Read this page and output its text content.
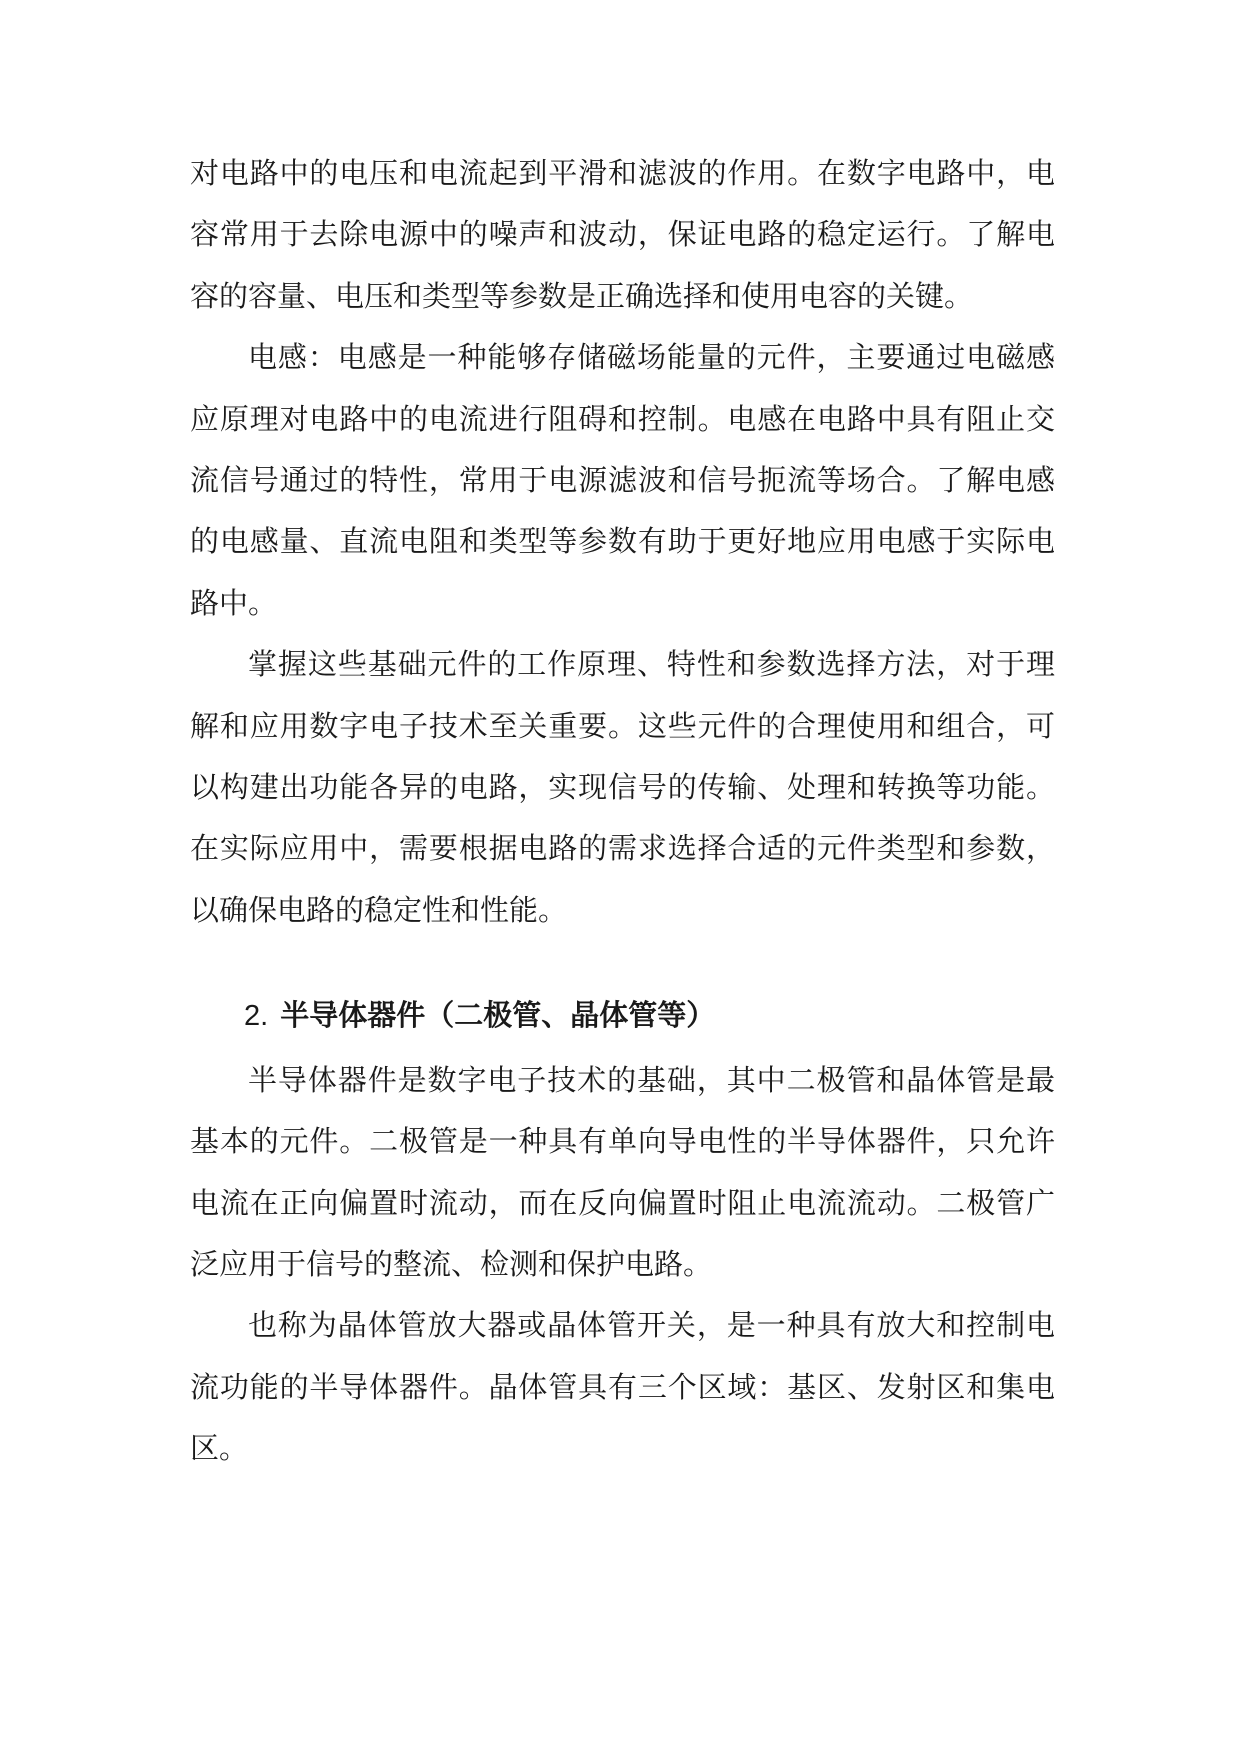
对电路中的电压和电流起到平滑和滤波的作用。在数字电路中，电容常用于去除电源中的噪声和波动，保证电路的稳定运行。了解电容的容量、电压和类型等参数是正确选择和使用电容的关键。

电感：电感是一种能够存储磁场能量的元件，主要通过电磁感应原理对电路中的电流进行阻碍和控制。电感在电路中具有阻止交流信号通过的特性，常用于电源滤波和信号扼流等场合。了解电感的电感量、直流电阻和类型等参数有助于更好地应用电感于实际电路中。

掌握这些基础元件的工作原理、特性和参数选择方法，对于理解和应用数字电子技术至关重要。这些元件的合理使用和组合，可以构建出功能各异的电路，实现信号的传输、处理和转换等功能。在实际应用中，需要根据电路的需求选择合适的元件类型和参数，以确保电路的稳定性和性能。

2. 半导体器件（二极管、晶体管等）

半导体器件是数字电子技术的基础，其中二极管和晶体管是最基本的元件。二极管是一种具有单向导电性的半导体器件，只允许电流在正向偏置时流动，而在反向偏置时阻止电流流动。二极管广泛应用于信号的整流、检测和保护电路。

也称为晶体管放大器或晶体管开关，是一种具有放大和控制电流功能的半导体器件。晶体管具有三个区域：基区、发射区和集电区。
